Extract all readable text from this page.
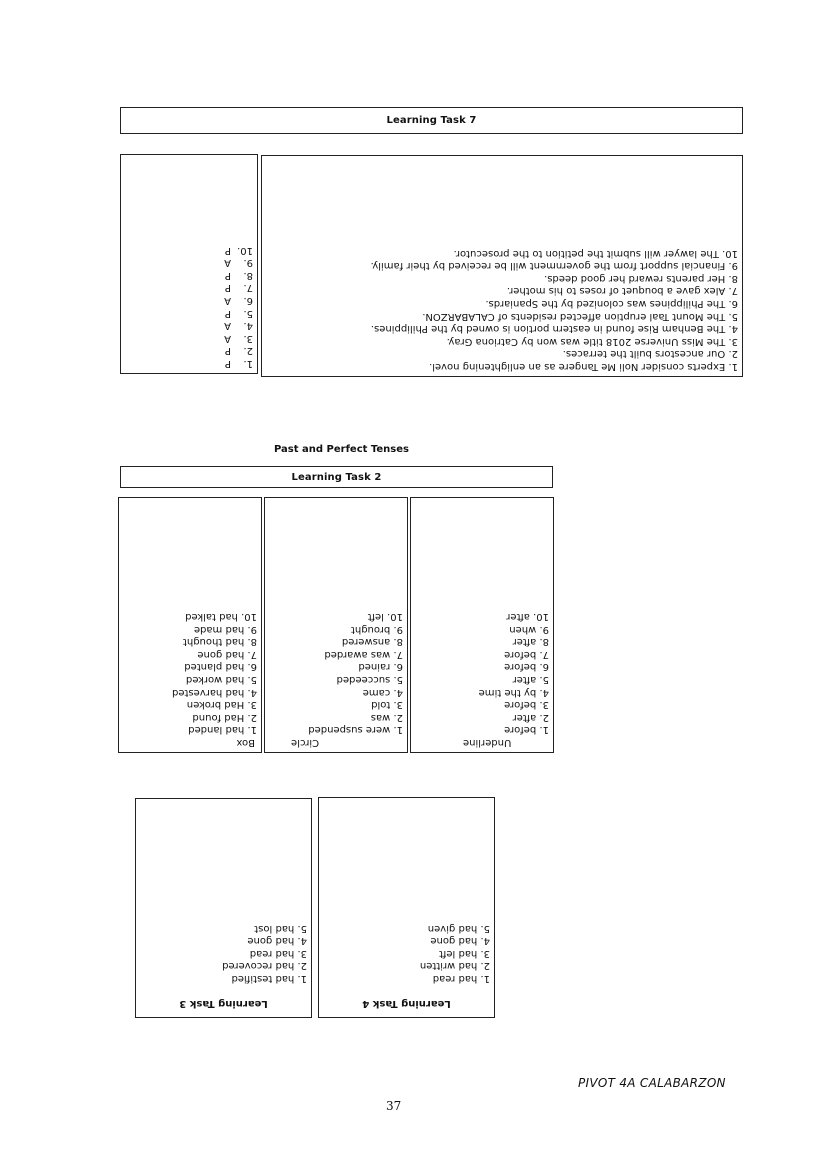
Learning Task 7
1.
P
2.
P
3.
A
4.
A
5.
P
6.
A
7.
P
8.
P
9.
A
10.
P
1. Experts consider Noli Me Tangere as an enlightening novel.
2. Our ancestors built the terraces.
3. The Miss Universe 2018 title was won by Catriona Gray.
4. The Benham Rise found in eastern portion is owned by the Philippines.
5. The Mount Taal eruption affected residents of CALABARZON.
6. The Philippines was colonized by the Spaniards.
7. Alex gave a bouquet of roses to his mother.
8. Her parents reward her good deeds.
9. Financial support from the government will be received by their family.
10. The lawyer will submit the petition to the prosecutor.
Past and Perfect Tenses
Learning Task 2
Box
1. had landed
2. Had found
3. Had broken
4. had harvested
5. had worked
6. had planted
7. had gone
8. had thought
9. had made
10. had talked
Circle
1. were suspended
2. was
3. told
4. came
5. succeeded
6. rained
7. was awarded
8. answered
9. brought
10. left
Underline
1. before
2. after
3. before
4. by the time
5. after
6. before
7. before
8. after
9. when
10. after
Learning Task 3
1. had testified
2. had recovered
3. had read
4. had gone
5. had lost
Learning Task 4
1. had read
2. had written
3. had left
4. had gone
5. had given
PIVOT 4A CALABARZON
37
